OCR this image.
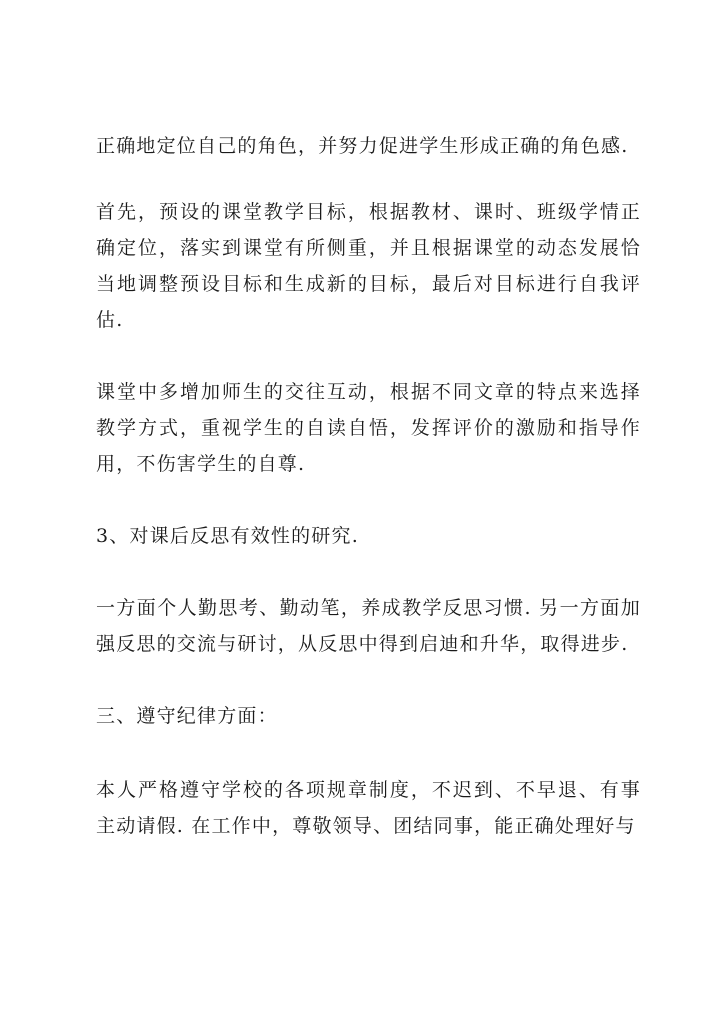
正确地定位自己的角色，并努力促进学生形成正确的角色感.

首先，预设的课堂教学目标，根据教材、课时、班级学情正确定位，落实到课堂有所侧重，并且根据课堂的动态发展恰当地调整预设目标和生成新的目标，最后对目标进行自我评估.

课堂中多增加师生的交往互动，根据不同文章的特点来选择教学方式，重视学生的自读自悟，发挥评价的激励和指导作用，不伤害学生的自尊.

3、对课后反思有效性的研究.

一方面个人勤思考、勤动笔，养成教学反思习惯. 另一方面加强反思的交流与研讨，从反思中得到启迪和升华，取得进步.

三、遵守纪律方面：

本人严格遵守学校的各项规章制度，不迟到、不早退、有事主动请假. 在工作中，尊敬领导、团结同事，能正确处理好与
